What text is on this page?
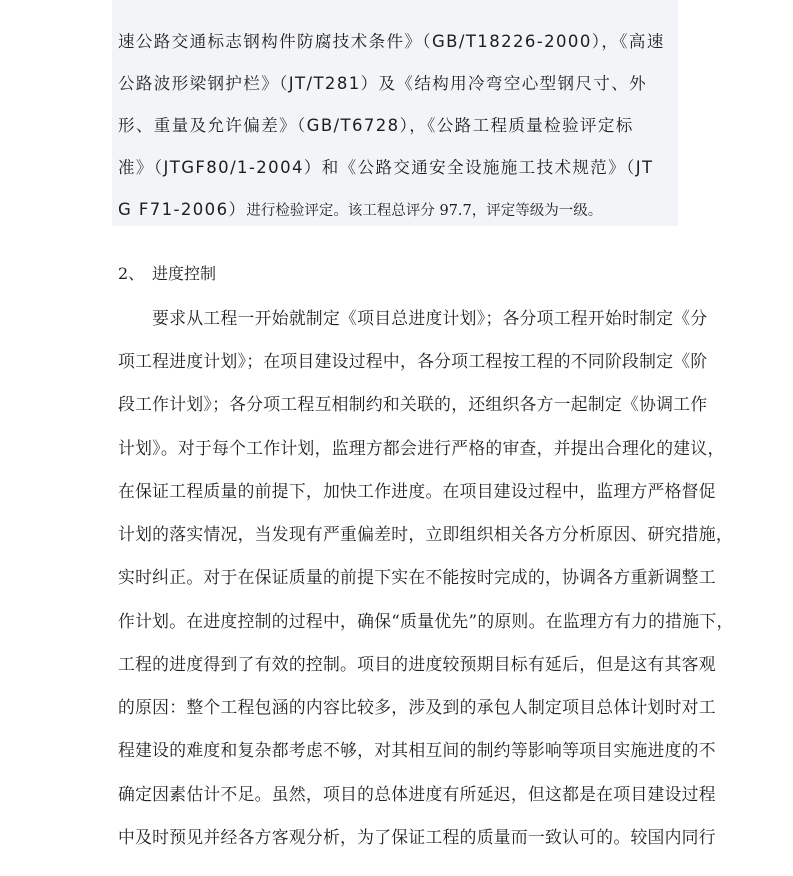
速公路交通标志钢构件防腐技术条件》（GB/T18226-2000），《高速
公路波形梁钢护栏》（JT/T281）及《结构用冷弯空心型钢尺寸、外
形、重量及允许偏差》（GB/T6728），《公路工程质量检验评定标
准》（JTGF80/1-2004）和《公路交通安全设施施工技术规范》（JT
G F71-2006）进行检验评定。该工程总评分 97.7，评定等级为一级。
2、 进度控制
　　要求从工程一开始就制定《项目总进度计划》；各分项工程开始时制定《分
项工程进度计划》；在项目建设过程中，各分项工程按工程的不同阶段制定《阶
段工作计划》；各分项工程互相制约和关联的，还组织各方一起制定《协调工作
计划》。对于每个工作计划，监理方都会进行严格的审查，并提出合理化的建议，
在保证工程质量的前提下，加快工作进度。在项目建设过程中，监理方严格督促
计划的落实情况，当发现有严重偏差时，立即组织相关各方分析原因、研究措施，
实时纠正。对于在保证质量的前提下实在不能按时完成的，协调各方重新调整工
作计划。在进度控制的过程中，确保“质量优先”的原则。在监理方有力的措施下，
工程的进度得到了有效的控制。项目的进度较预期目标有延后，但是这有其客观
的原因：整个工程包涵的内容比较多，涉及到的承包人制定项目总体计划时对工
程建设的难度和复杂都考虑不够，对其相互间的制约等影响等项目实施进度的不
确定因素估计不足。虽然，项目的总体进度有所延迟，但这都是在项目建设过程
中及时预见并经各方客观分析，为了保证工程的质量而一致认可的。较国内同行
